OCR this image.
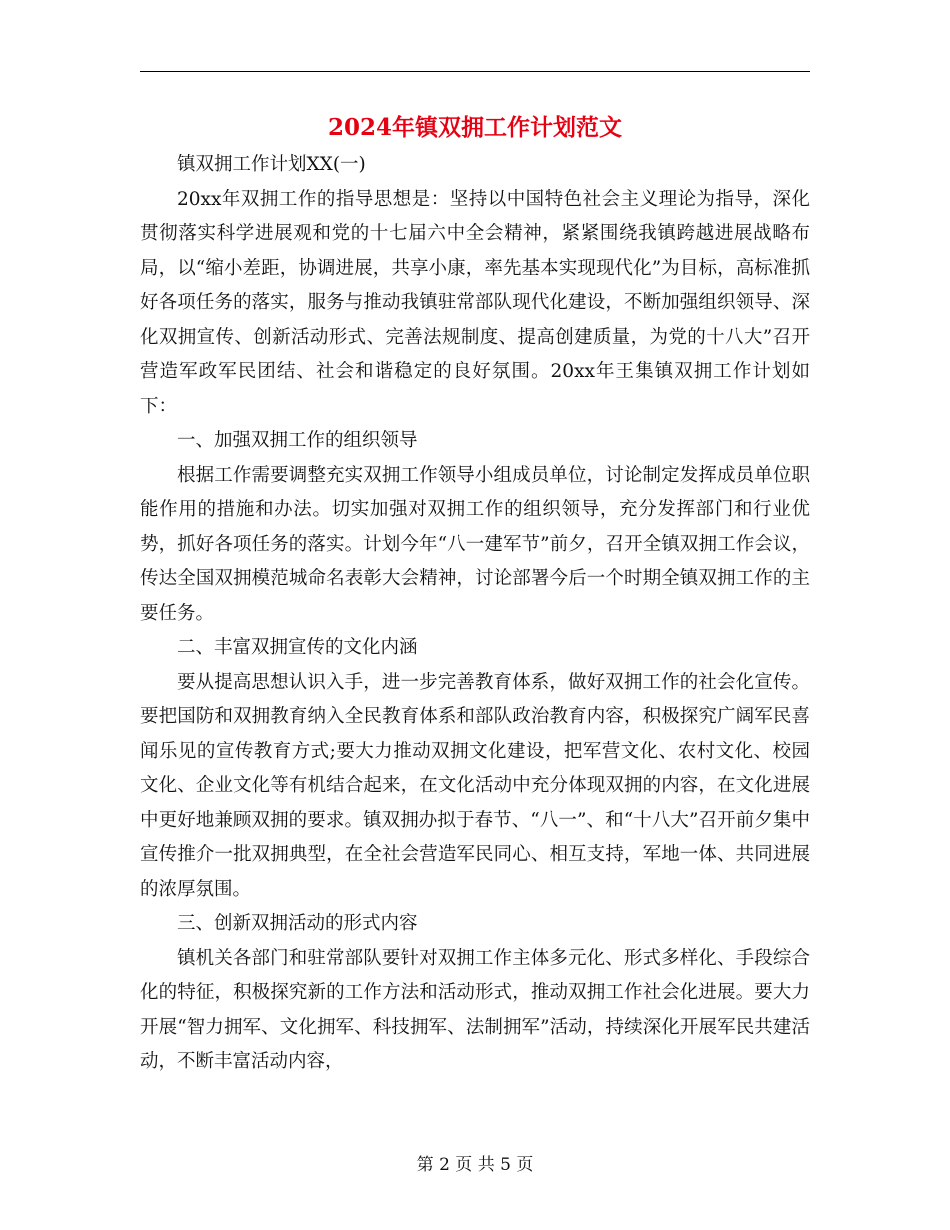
2024年镇双拥工作计划范文

镇双拥工作计划XX(一)

20xx年双拥工作的指导思想是：坚持以中国特色社会主义理论为指导，深化贯彻落实科学进展观和党的十七届六中全会精神，紧紧围绕我镇跨越进展战略布局，以“缩小差距，协调进展，共享小康，率先基本实现现代化”为目标，高标准抓好各项任务的落实，服务与推动我镇驻常部队现代化建设，不断加强组织领导、深化双拥宣传、创新活动形式、完善法规制度、提高创建质量，为党的十八大”召开营造军政军民团结、社会和谐稳定的良好氛围。20xx年王集镇双拥工作计划如下：

一、加强双拥工作的组织领导

根据工作需要调整充实双拥工作领导小组成员单位，讨论制定发挥成员单位职能作用的措施和办法。切实加强对双拥工作的组织领导，充分发挥部门和行业优势，抓好各项任务的落实。计划今年“八一建军节”前夕，召开全镇双拥工作会议，传达全国双拥模范城命名表彰大会精神，讨论部署今后一个时期全镇双拥工作的主要任务。

二、丰富双拥宣传的文化内涵

要从提高思想认识入手，进一步完善教育体系，做好双拥工作的社会化宣传。要把国防和双拥教育纳入全民教育体系和部队政治教育内容，积极探究广阔军民喜闻乐见的宣传教育方式;要大力推动双拥文化建设，把军营文化、农村文化、校园文化、企业文化等有机结合起来，在文化活动中充分体现双拥的内容，在文化进展中更好地兼顾双拥的要求。镇双拥办拟于春节、“八一”、和“十八大”召开前夕集中宣传推介一批双拥典型，在全社会营造军民同心、相互支持，军地一体、共同进展的浓厚氛围。

三、创新双拥活动的形式内容

镇机关各部门和驻常部队要针对双拥工作主体多元化、形式多样化、手段综合化的特征，积极探究新的工作方法和活动形式，推动双拥工作社会化进展。要大力开展“智力拥军、文化拥军、科技拥军、法制拥军”活动，持续深化开展军民共建活动，不断丰富活动内容，

第 2 页 共 5 页
